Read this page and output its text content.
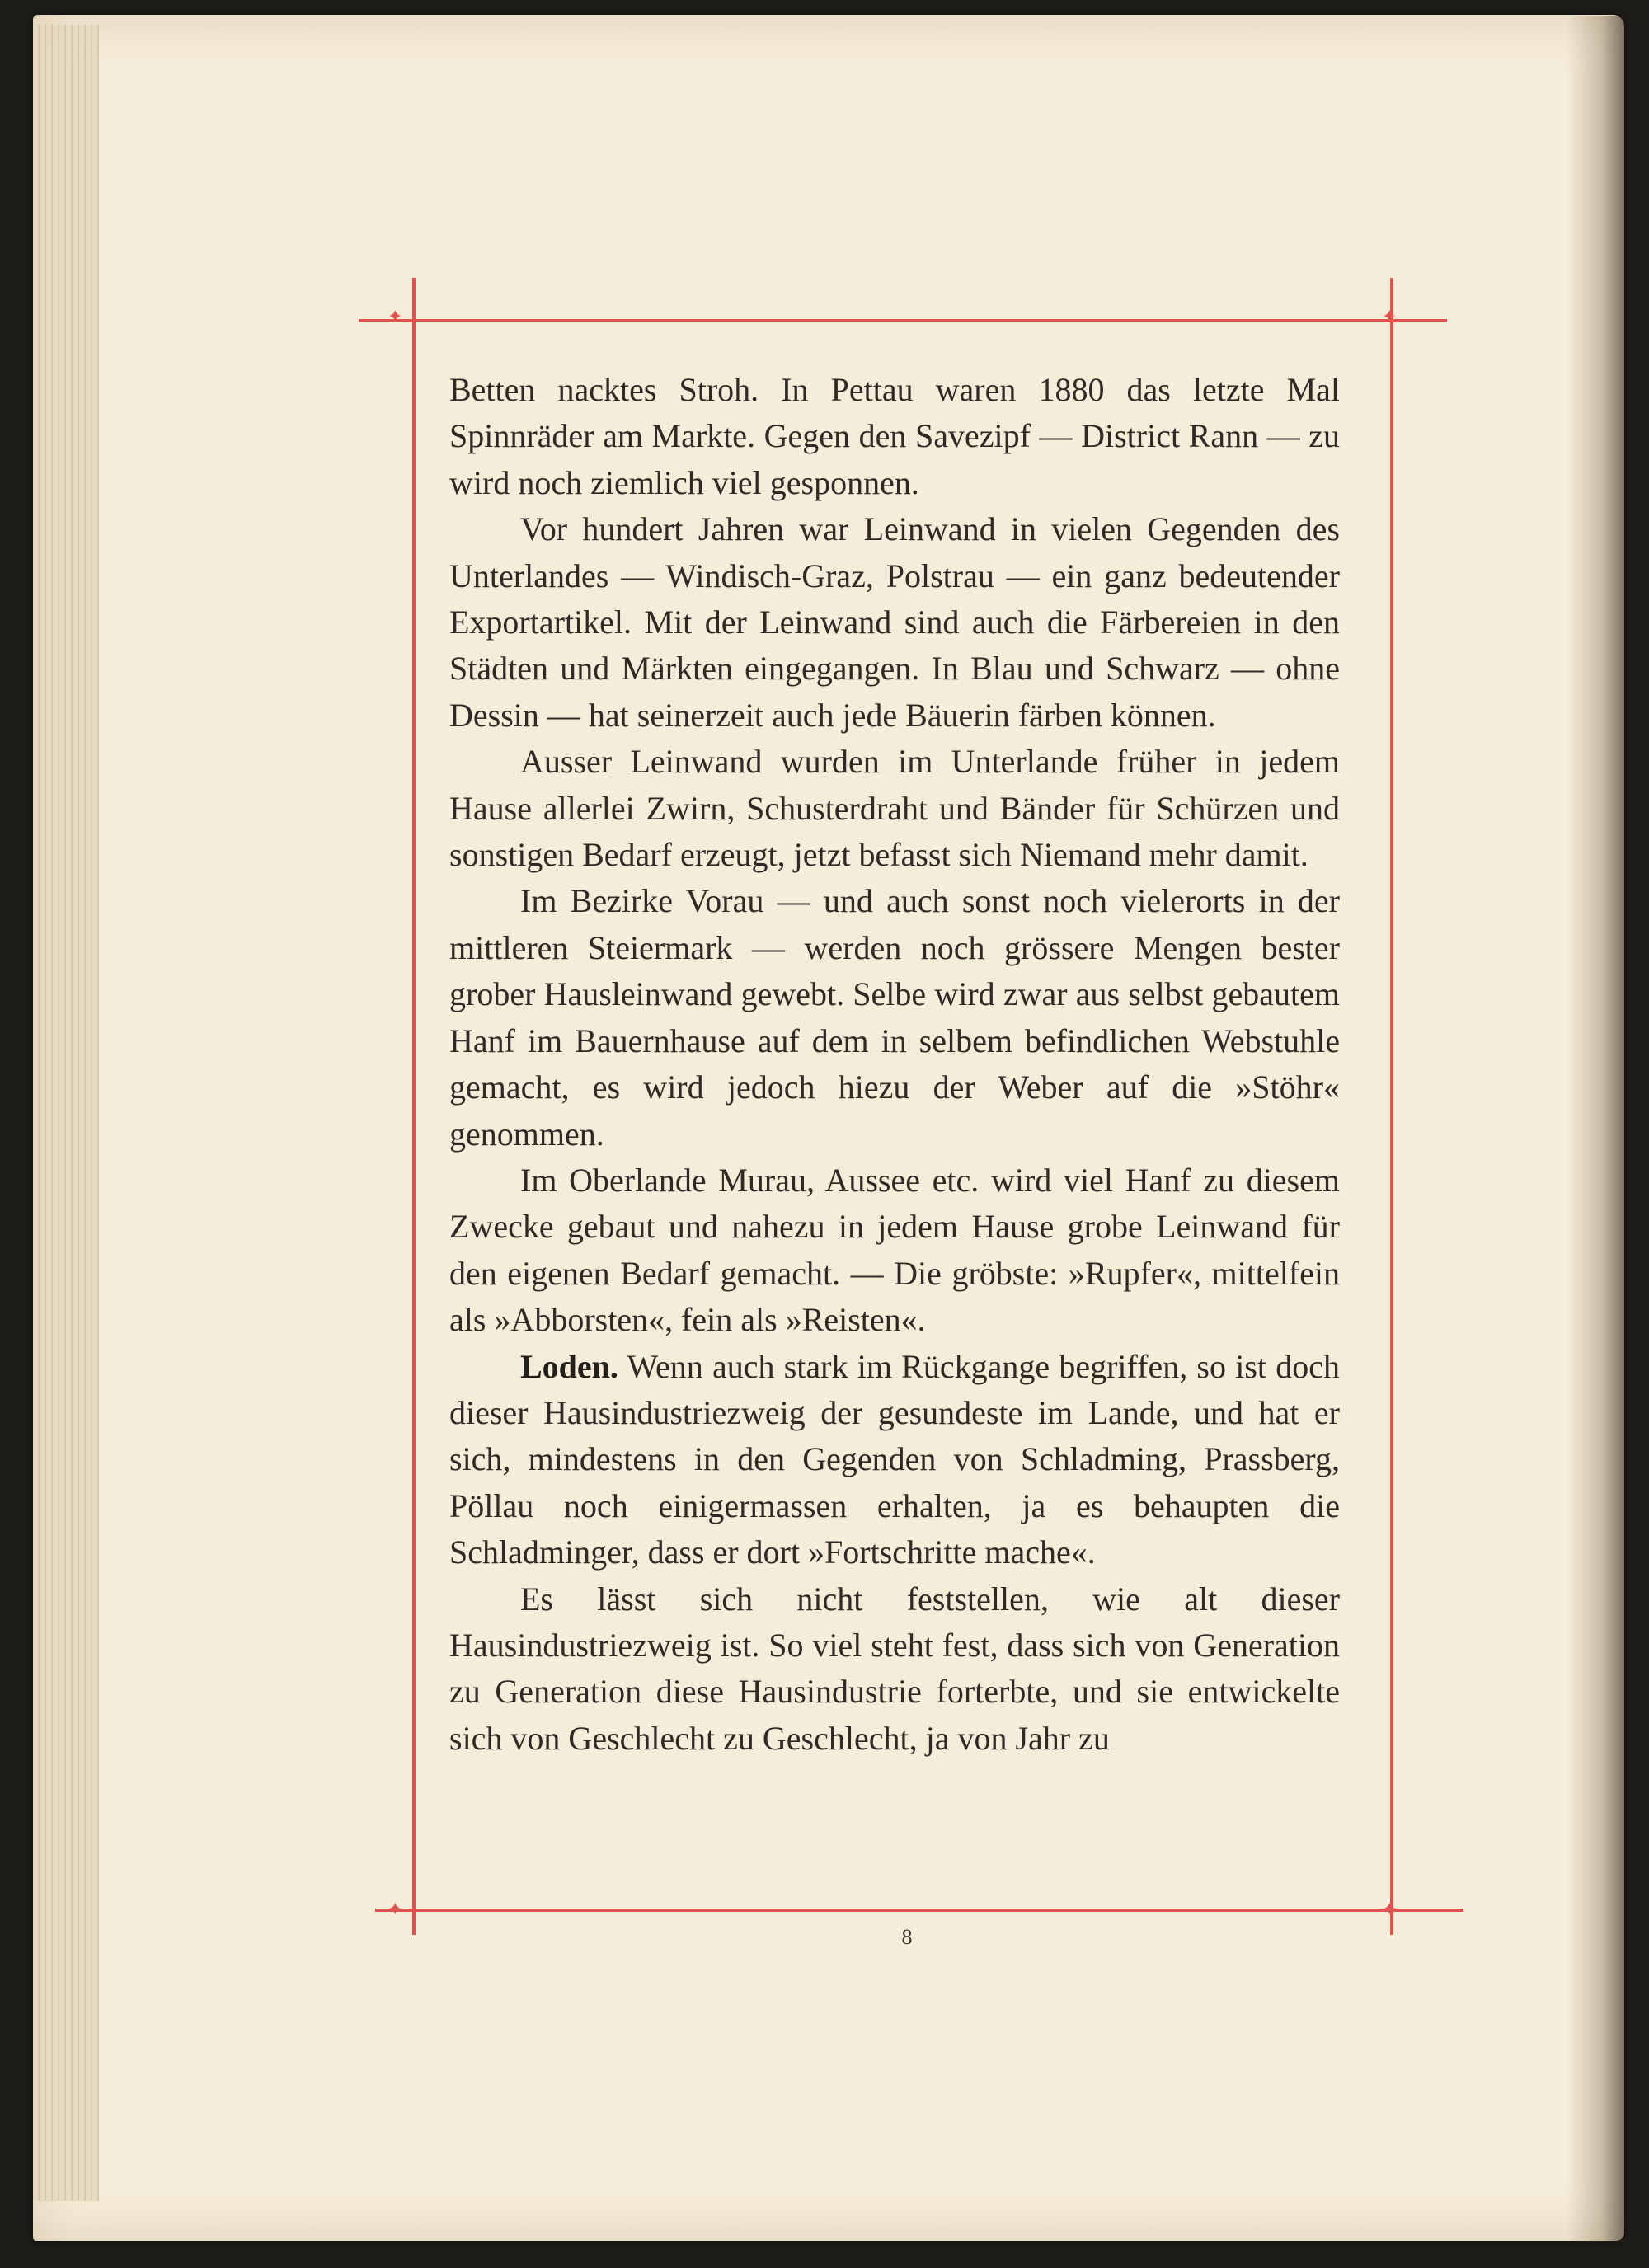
✦	✦
✦	✦

Betten nacktes Stroh. In Pettau waren 1880 das letzte Mal Spinnräder am Markte. Gegen den Savezipf — District Rann — zu wird noch ziemlich viel gesponnen.

Vor hundert Jahren war Leinwand in vielen Gegenden des Unterlandes — Windisch-Graz, Polstrau — ein ganz bedeutender Exportartikel. Mit der Leinwand sind auch die Färbereien in den Städten und Märkten eingegangen. In Blau und Schwarz — ohne Dessin — hat seinerzeit auch jede Bäuerin färben können.

Ausser Leinwand wurden im Unterlande früher in jedem Hause allerlei Zwirn, Schusterdraht und Bänder für Schürzen und sonstigen Bedarf erzeugt, jetzt befasst sich Niemand mehr damit.

Im Bezirke Vorau — und auch sonst noch vielerorts in der mittleren Steiermark — werden noch grössere Mengen bester grober Hausleinwand gewebt. Selbe wird zwar aus selbst gebautem Hanf im Bauernhause auf dem in selbem befindlichen Webstuhle gemacht, es wird jedoch hiezu der Weber auf die »Stöhr« genommen.

Im Oberlande Murau, Aussee etc. wird viel Hanf zu diesem Zwecke gebaut und nahezu in jedem Hause grobe Leinwand für den eigenen Bedarf gemacht. — Die gröbste: »Rupfer«, mittelfein als »Abborsten«, fein als »Reisten«.

Loden. Wenn auch stark im Rückgange begriffen, so ist doch dieser Hausindustriezweig der gesundeste im Lande, und hat er sich, mindestens in den Gegenden von Schladming, Prassberg, Pöllau noch einigermassen erhalten, ja es behaupten die Schladminger, dass er dort »Fortschritte mache«.

Es lässt sich nicht feststellen, wie alt dieser Hausindustriezweig ist. So viel steht fest, dass sich von Generation zu Generation diese Hausindustrie forterbte, und sie entwickelte sich von Geschlecht zu Geschlecht, ja von Jahr zu

8
